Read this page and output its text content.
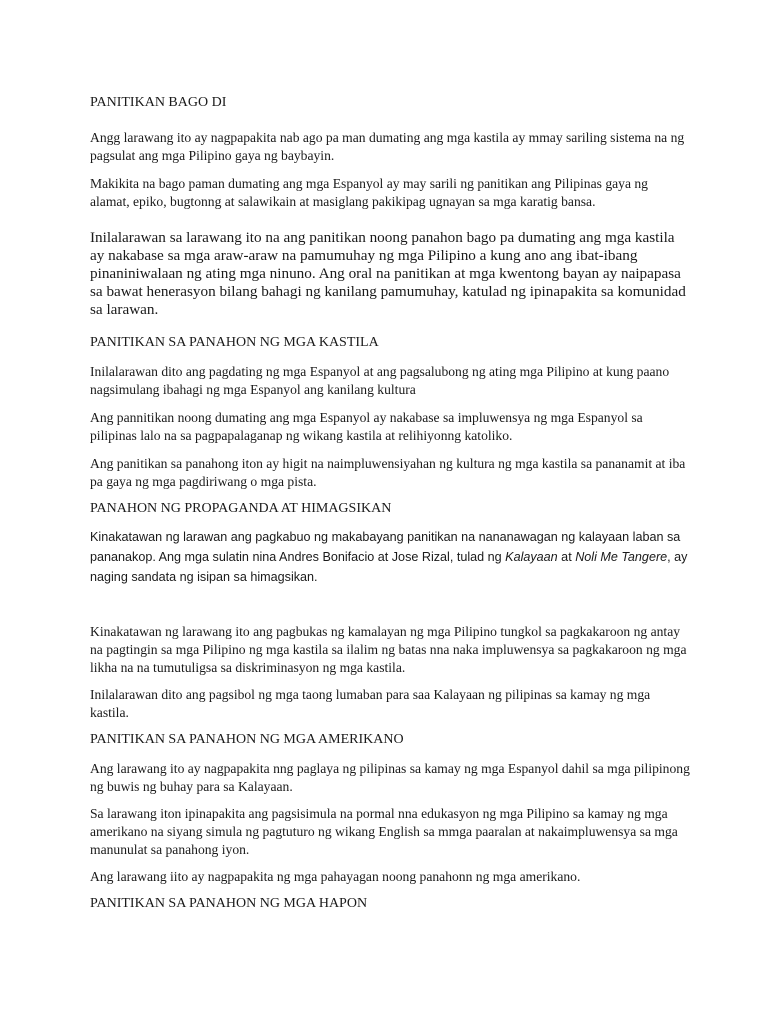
PANITIKAN BAGO DI

Angg larawang ito ay nagpapakita nab ago pa man dumating ang mga kastila ay mmay sariling sistema na ng pagsulat ang mga Pilipino gaya ng baybayin.

Makikita na bago paman dumating ang mga Espanyol ay may sarili ng panitikan ang Pilipinas gaya ng alamat, epiko, bugtonng at salawikain at masiglang pakikipag ugnayan sa mga karatig bansa.

Inilalarawan sa larawang ito na ang panitikan noong panahon bago pa dumating ang mga kastila ay nakabase sa mga araw-araw na pamumuhay ng mga Pilipino a kung ano ang ibat-ibang pinaniniwalaan ng ating mga ninuno. Ang oral na panitikan at mga kwentong bayan ay naipapasa sa bawat henerasyon bilang bahagi ng kanilang pamumuhay, katulad ng ipinapakita sa komunidad sa larawan.

PANITIKAN SA PANAHON NG MGA KASTILA

Inilalarawan dito ang pagdating ng mga Espanyol at ang pagsalubong ng ating mga Pilipino at kung paano nagsimulang ibahagi ng mga Espanyol ang kanilang kultura

Ang pannitikan noong dumating ang mga Espanyol ay nakabase sa impluwensya ng mga Espanyol sa pilipinas lalo na sa pagpapalaganap ng wikang kastila at relihiyonng katoliko.

Ang panitikan sa panahong iton ay higit na naimpluwensiyahan ng kultura ng mga kastila sa pananamit at iba pa gaya ng mga pagdiriwang o mga pista.

PANAHON NG PROPAGANDA AT HIMAGSIKAN

Kinakatawan ng larawan ang pagkabuo ng makabayang panitikan na nananawagan ng kalayaan laban sa pananakop. Ang mga sulatin nina Andres Bonifacio at Jose Rizal, tulad ng Kalayaan at Noli Me Tangere, ay naging sandata ng isipan sa himagsikan.

Kinakatawan ng larawang ito ang pagbukas ng kamalayan ng mga Pilipino tungkol sa pagkakaroon ng antay na pagtingin sa mga Pilipino ng mga kastila sa ilalim ng batas nna naka impluwensya sa pagkakaroon ng mga likha na na tumutuligsa sa diskriminasyon ng mga kastila.

Inilalarawan dito ang pagsibol ng mga taong lumaban para saa Kalayaan ng pilipinas sa kamay ng mga kastila.

PANITIKAN SA PANAHON NG MGA AMERIKANO

Ang larawang ito ay nagpapakita nng paglaya ng pilipinas sa kamay ng mga Espanyol dahil sa mga pilipinong ng buwis ng buhay para sa Kalayaan.

Sa larawang iton ipinapakita ang pagsisimula na pormal nna edukasyon ng mga Pilipino sa kamay ng mga amerikano na siyang simula ng pagtuturo ng wikang English sa mmga paaralan at nakaimpluwensya sa mga manunulat sa panahong iyon.

Ang larawang iito ay nagpapakita ng mga pahayagan noong panahonn ng mga amerikano.

PANITIKAN SA PANAHON NG MGA HAPON
